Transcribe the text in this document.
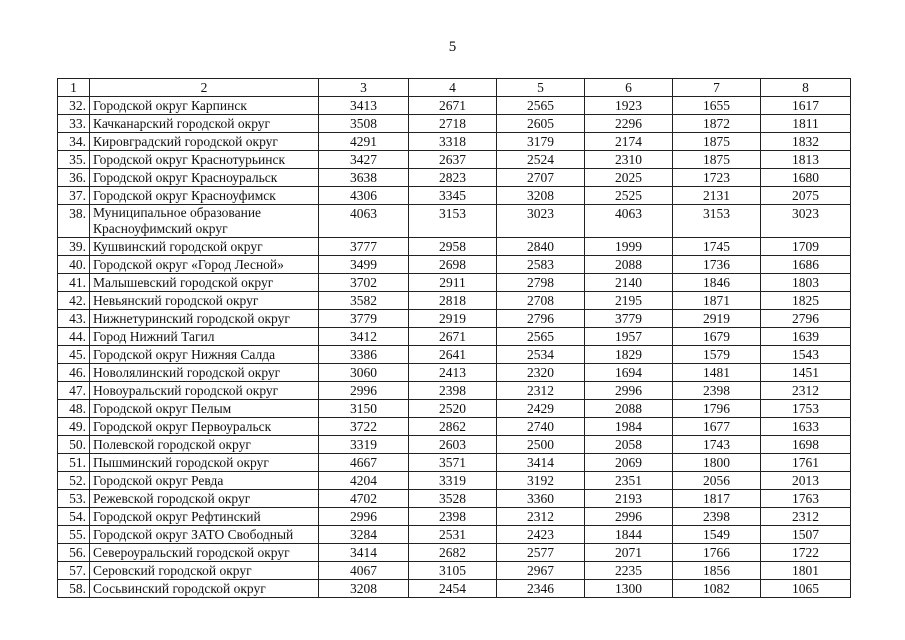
5
1	2	3	4	5	6	7	8
32.	Городской округ Карпинск	3413	2671	2565	1923	1655	1617
33.	Качканарский городской округ	3508	2718	2605	2296	1872	1811
34.	Кировградский городской округ	4291	3318	3179	2174	1875	1832
35.	Городской округ Краснотурьинск	3427	2637	2524	2310	1875	1813
36.	Городской округ Красноуральск	3638	2823	2707	2025	1723	1680
37.	Городской округ Красноуфимск	4306	3345	3208	2525	2131	2075
38.	Муниципальное образование Красноуфимский округ	4063	3153	3023	4063	3153	3023
39.	Кушвинский городской округ	3777	2958	2840	1999	1745	1709
40.	Городской округ «Город Лесной»	3499	2698	2583	2088	1736	1686
41.	Малышевский городской округ	3702	2911	2798	2140	1846	1803
42.	Невьянский городской округ	3582	2818	2708	2195	1871	1825
43.	Нижнетуринский городской округ	3779	2919	2796	3779	2919	2796
44.	Город Нижний Тагил	3412	2671	2565	1957	1679	1639
45.	Городской округ Нижняя Салда	3386	2641	2534	1829	1579	1543
46.	Новолялинский городской округ	3060	2413	2320	1694	1481	1451
47.	Новоуральский городской округ	2996	2398	2312	2996	2398	2312
48.	Городской округ Пелым	3150	2520	2429	2088	1796	1753
49.	Городской округ Первоуральск	3722	2862	2740	1984	1677	1633
50.	Полевской городской округ	3319	2603	2500	2058	1743	1698
51.	Пышминский городской округ	4667	3571	3414	2069	1800	1761
52.	Городской округ Ревда	4204	3319	3192	2351	2056	2013
53.	Режевской городской округ	4702	3528	3360	2193	1817	1763
54.	Городской округ Рефтинский	2996	2398	2312	2996	2398	2312
55.	Городской округ ЗАТО Свободный	3284	2531	2423	1844	1549	1507
56.	Североуральский городской округ	3414	2682	2577	2071	1766	1722
57.	Серовский городской округ	4067	3105	2967	2235	1856	1801
58.	Сосьвинский городской округ	3208	2454	2346	1300	1082	1065
